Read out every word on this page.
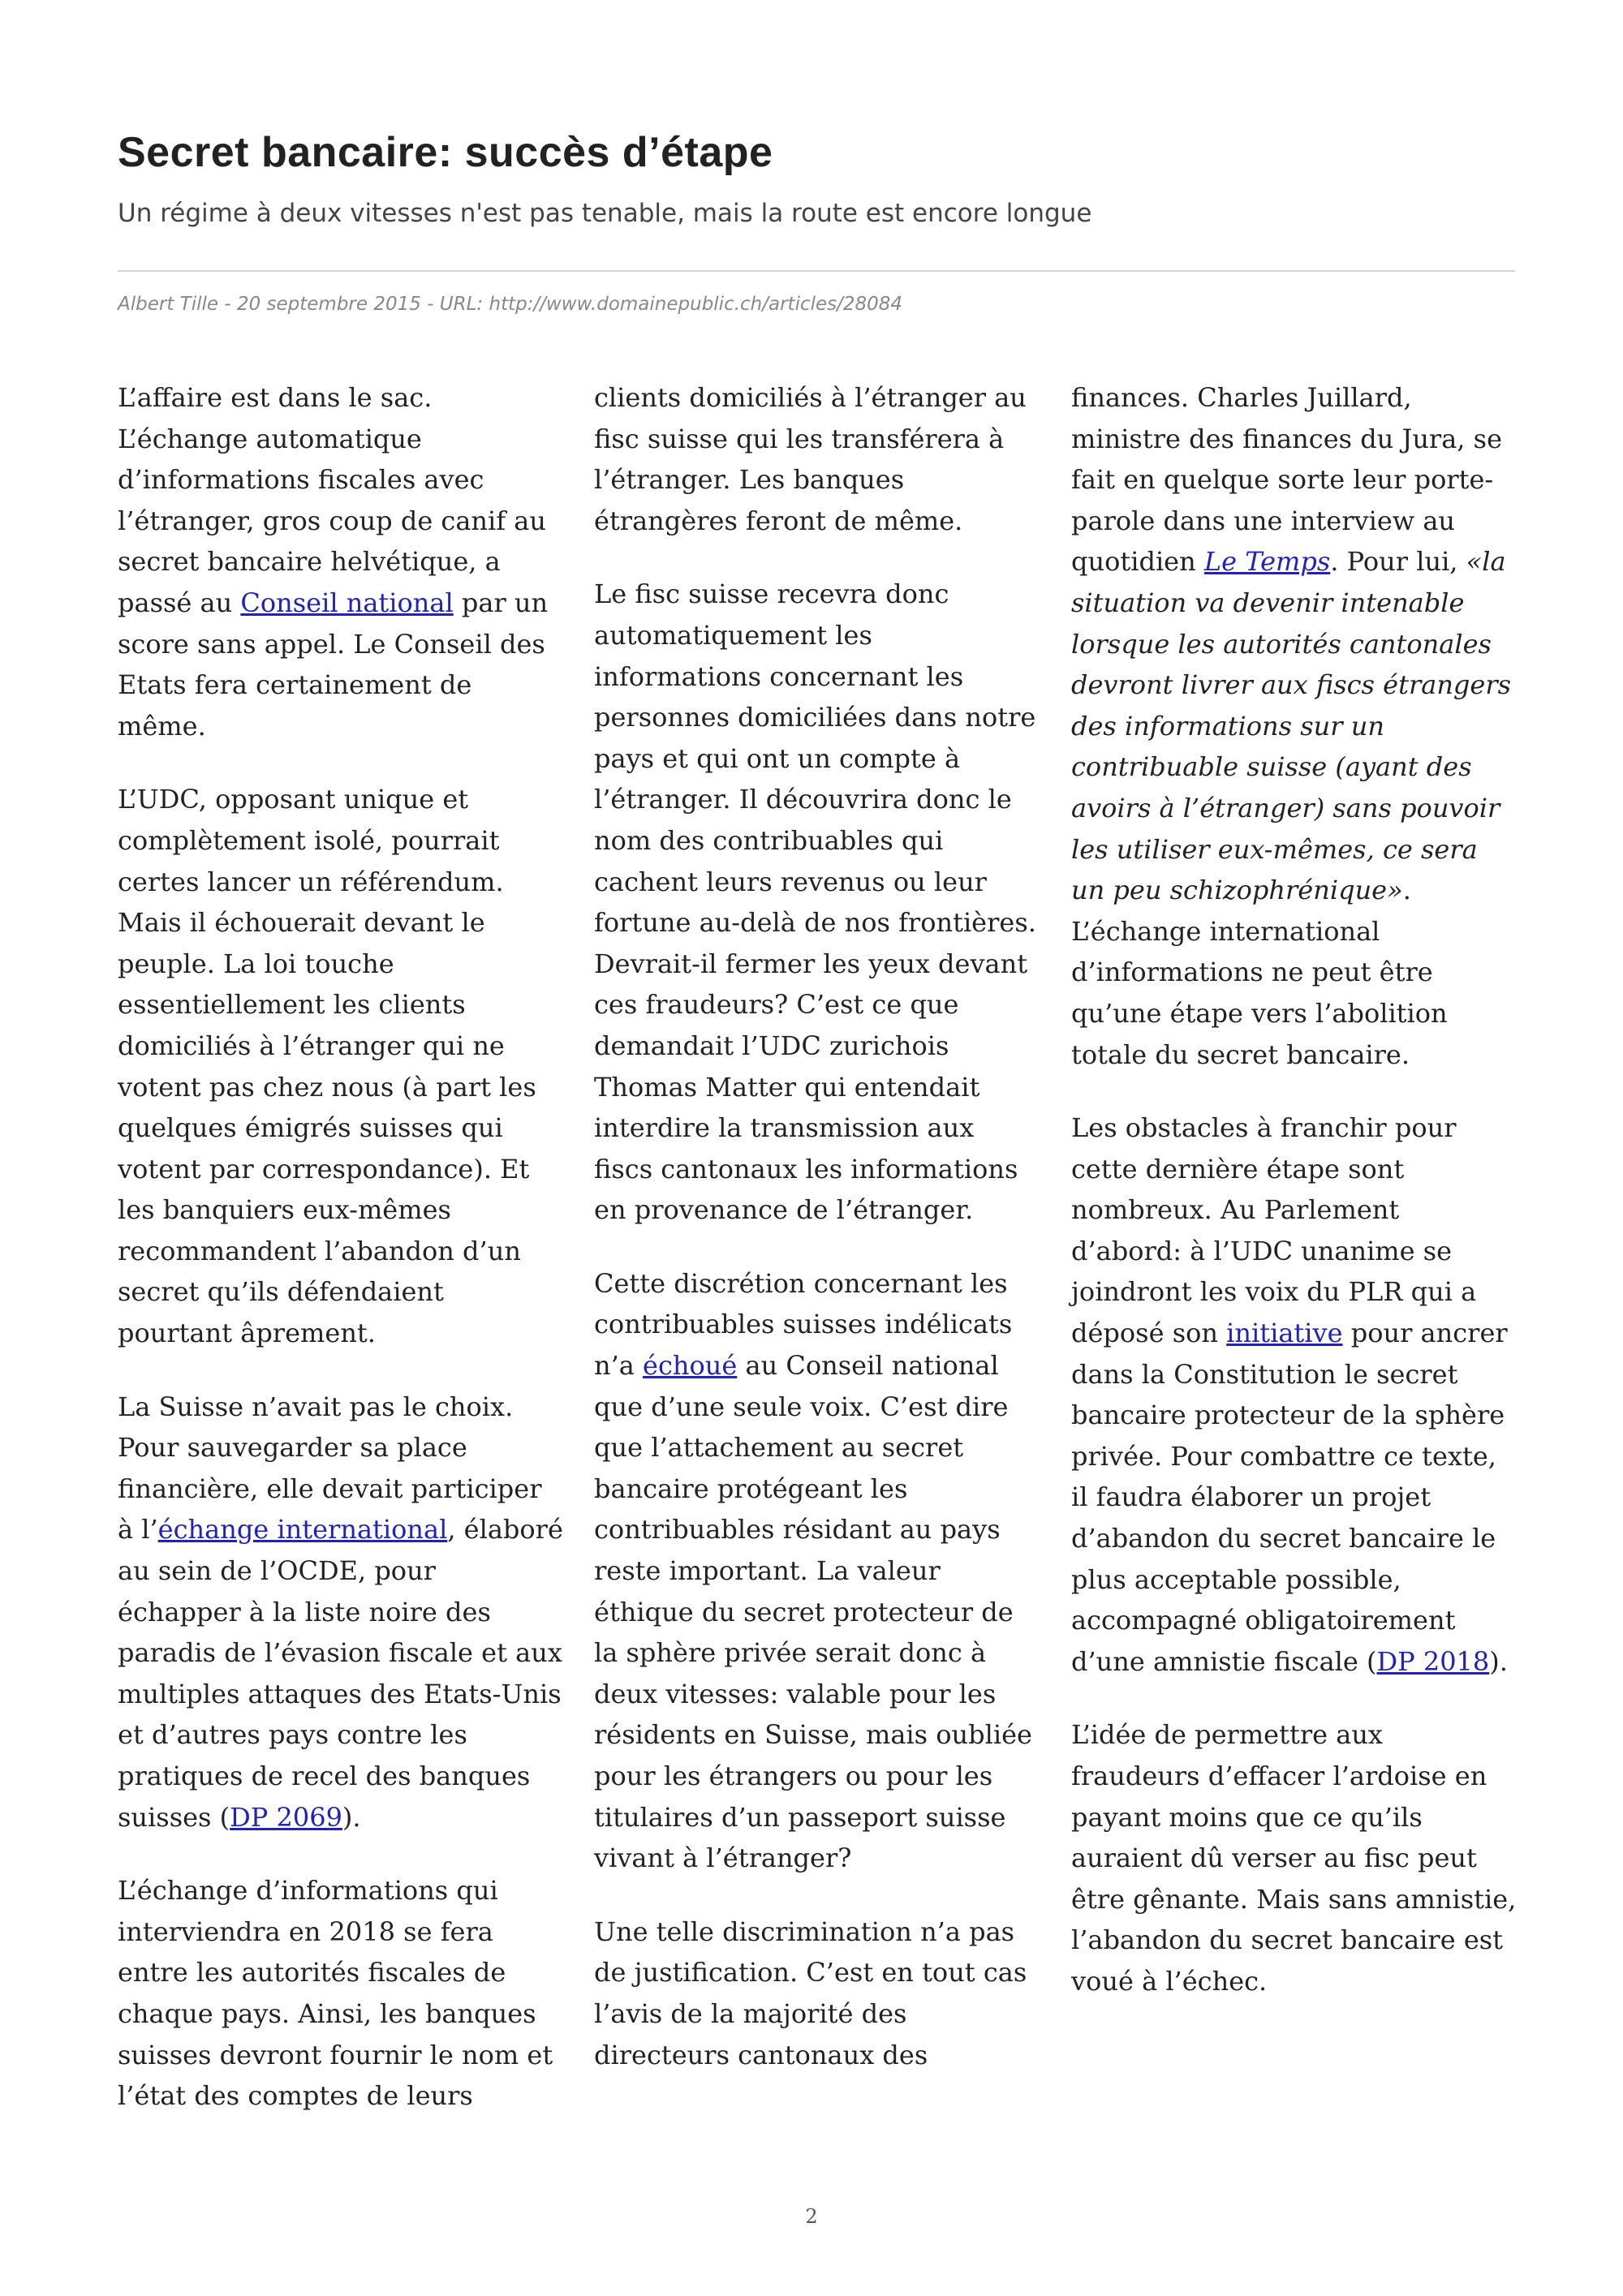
Secret bancaire: succès d’étape

Un régime à deux vitesses n'est pas tenable, mais la route est encore longue

Albert Tille - 20 septembre 2015 - URL: http://www.domainepublic.ch/articles/28084

L’affaire est dans le sac. L’échange automatique d’informations fiscales avec l’étranger, gros coup de canif au secret bancaire helvétique, a passé au Conseil national par un score sans appel. Le Conseil des Etats fera certainement de même.

L’UDC, opposant unique et complètement isolé, pourrait certes lancer un référendum. Mais il échouerait devant le peuple. La loi touche essentiellement les clients domiciliés à l’étranger qui ne votent pas chez nous (à part les quelques émigrés suisses qui votent par correspondance). Et les banquiers eux-mêmes recommandent l’abandon d’un secret qu’ils défendaient pourtant âprement.

La Suisse n’avait pas le choix. Pour sauvegarder sa place financière, elle devait participer à l’échange international, élaboré au sein de l’OCDE, pour échapper à la liste noire des paradis de l’évasion fiscale et aux multiples attaques des Etats-Unis et d’autres pays contre les pratiques de recel des banques suisses (DP 2069).

L’échange d’informations qui interviendra en 2018 se fera entre les autorités fiscales de chaque pays. Ainsi, les banques suisses devront fournir le nom et l’état des comptes de leurs

clients domiciliés à l’étranger au fisc suisse qui les transférera à l’étranger. Les banques étrangères feront de même.

Le fisc suisse recevra donc automatiquement les informations concernant les personnes domiciliées dans notre pays et qui ont un compte à l’étranger. Il découvrira donc le nom des contribuables qui cachent leurs revenus ou leur fortune au-delà de nos frontières. Devrait-il fermer les yeux devant ces fraudeurs? C’est ce que demandait l’UDC zurichois Thomas Matter qui entendait interdire la transmission aux fiscs cantonaux les informations en provenance de l’étranger.

Cette discrétion concernant les contribuables suisses indélicats n’a échoué au Conseil national que d’une seule voix. C’est dire que l’attachement au secret bancaire protégeant les contribuables résidant au pays reste important. La valeur éthique du secret protecteur de la sphère privée serait donc à deux vitesses: valable pour les résidents en Suisse, mais oubliée pour les étrangers ou pour les titulaires d’un passeport suisse vivant à l’étranger?

Une telle discrimination n’a pas de justification. C’est en tout cas l’avis de la majorité des directeurs cantonaux des

finances. Charles Juillard, ministre des finances du Jura, se fait en quelque sorte leur porte-parole dans une interview au quotidien Le Temps. Pour lui, «la situation va devenir intenable lorsque les autorités cantonales devront livrer aux fiscs étrangers des informations sur un contribuable suisse (ayant des avoirs à l’étranger) sans pouvoir les utiliser eux-mêmes, ce sera un peu schizophrénique». L’échange international d’informations ne peut être qu’une étape vers l’abolition totale du secret bancaire.

Les obstacles à franchir pour cette dernière étape sont nombreux. Au Parlement d’abord: à l’UDC unanime se joindront les voix du PLR qui a déposé son initiative pour ancrer dans la Constitution le secret bancaire protecteur de la sphère privée. Pour combattre ce texte, il faudra élaborer un projet d’abandon du secret bancaire le plus acceptable possible, accompagné obligatoirement d’une amnistie fiscale (DP 2018).

L’idée de permettre aux fraudeurs d’effacer l’ardoise en payant moins que ce qu’ils auraient dû verser au fisc peut être gênante. Mais sans amnistie, l’abandon du secret bancaire est voué à l’échec.

2
